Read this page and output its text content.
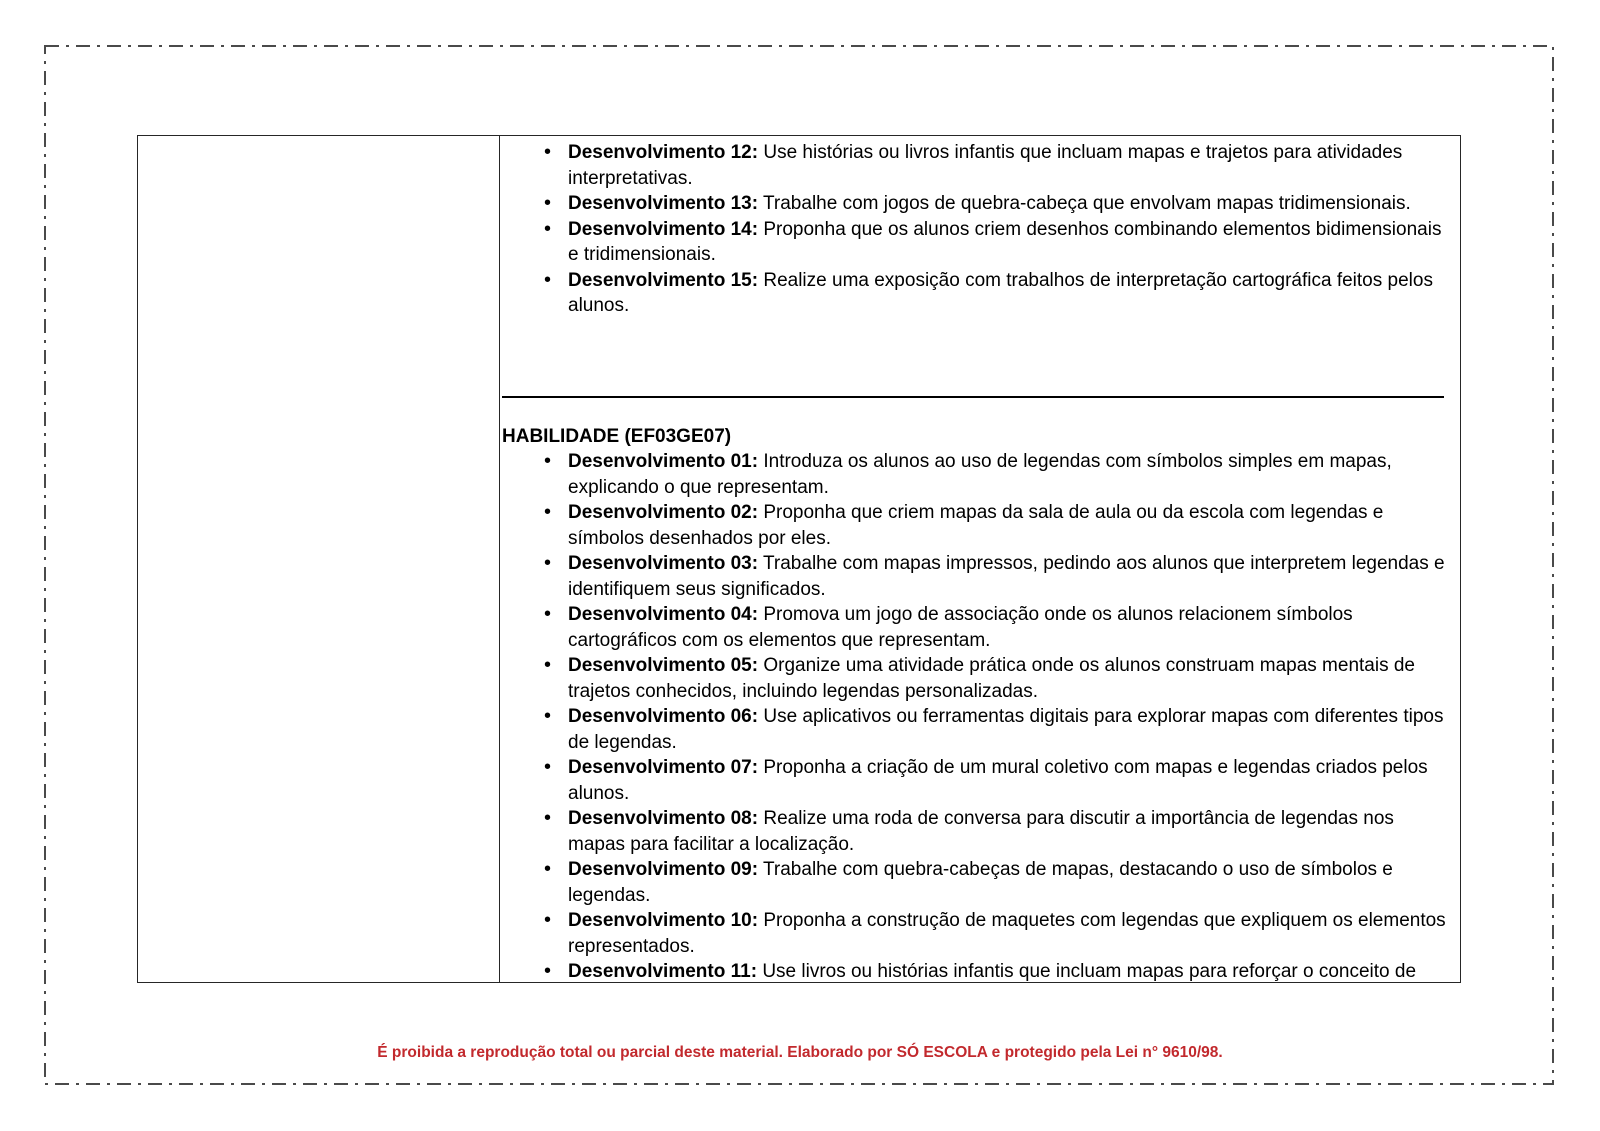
• Desenvolvimento 12: Use histórias ou livros infantis que incluam mapas e trajetos para atividades interpretativas.
• Desenvolvimento 13: Trabalhe com jogos de quebra-cabeça que envolvam mapas tridimensionais.
• Desenvolvimento 14: Proponha que os alunos criem desenhos combinando elementos bidimensionais e tridimensionais.
• Desenvolvimento 15: Realize uma exposição com trabalhos de interpretação cartográfica feitos pelos alunos.
HABILIDADE (EF03GE07)
• Desenvolvimento 01: Introduza os alunos ao uso de legendas com símbolos simples em mapas, explicando o que representam.
• Desenvolvimento 02: Proponha que criem mapas da sala de aula ou da escola com legendas e símbolos desenhados por eles.
• Desenvolvimento 03: Trabalhe com mapas impressos, pedindo aos alunos que interpretem legendas e identifiquem seus significados.
• Desenvolvimento 04: Promova um jogo de associação onde os alunos relacionem símbolos cartográficos com os elementos que representam.
• Desenvolvimento 05: Organize uma atividade prática onde os alunos construam mapas mentais de trajetos conhecidos, incluindo legendas personalizadas.
• Desenvolvimento 06: Use aplicativos ou ferramentas digitais para explorar mapas com diferentes tipos de legendas.
• Desenvolvimento 07: Proponha a criação de um mural coletivo com mapas e legendas criados pelos alunos.
• Desenvolvimento 08: Realize uma roda de conversa para discutir a importância de legendas nos mapas para facilitar a localização.
• Desenvolvimento 09: Trabalhe com quebra-cabeças de mapas, destacando o uso de símbolos e legendas.
• Desenvolvimento 10: Proponha a construção de maquetes com legendas que expliquem os elementos representados.
• Desenvolvimento 11: Use livros ou histórias infantis que incluam mapas para reforçar o conceito de
É proibida a reprodução total ou parcial deste material. Elaborado por SÓ ESCOLA e protegido pela Lei n° 9610/98.
